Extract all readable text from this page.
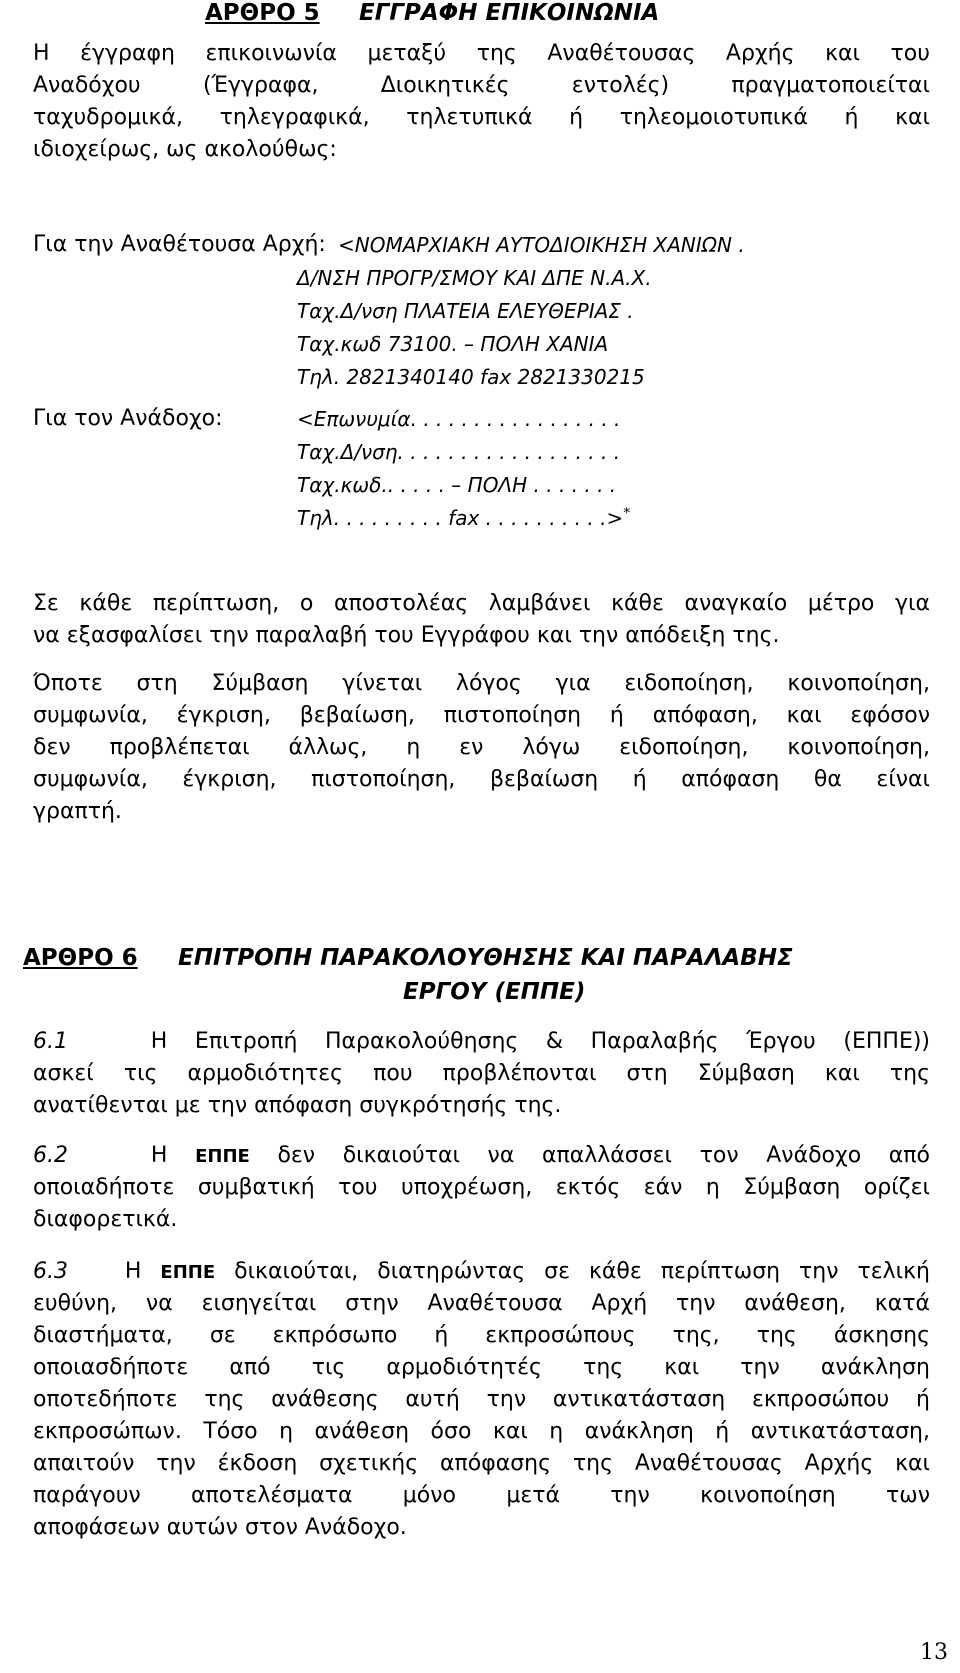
ΑΡΘΡΟ 5 ΕΓΓΡΑΦΗ ΕΠΙΚΟΙΝΩΝΙΑ
Η έγγραφη επικοινωνία μεταξύ της Αναθέτουσας Αρχής και του
Αναδόχου (Έγγραφα, Διοικητικές εντολές) πραγματοποιείται
ταχυδρομικά, τηλεγραφικά, τηλετυπικά ή τηλεομοιοτυπικά ή και
ιδιοχείρως, ως ακολούθως:
Για την Αναθέτουσα Αρχή: <ΝΟΜΑΡΧΙΑΚΗ ΑΥΤΟΔΙΟΙΚΗΣΗ ΧΑΝΙΩΝ .
Δ/ΝΣΗ ΠΡΟΓΡ/ΣΜΟΥ ΚΑΙ ΔΠΕ Ν.Α.Χ.
Ταχ.Δ/νση ΠΛΑΤΕΙΑ ΕΛΕΥΘΕΡΙΑΣ .
Ταχ.κωδ 73100. – ΠΟΛΗ ΧΑΝΙΑ
Τηλ. 2821340140 fax 2821330215
Για τον Ανάδοχο:	<Επωνυμία. . . . . . . . . . . . . . . . .
Ταχ.Δ/νση. . . . . . . . . . . . . . . . . .
Ταχ.κωδ.. . . . . – ΠΟΛΗ . . . . . . .
Τηλ. . . . . . . . . fax . . . . . . . . . .>*
Σε κάθε περίπτωση, ο αποστολέας λαμβάνει κάθε αναγκαίο μέτρο για
να εξασφαλίσει την παραλαβή του Εγγράφου και την απόδειξη της.
Όποτε στη Σύμβαση γίνεται λόγος για ειδοποίηση, κοινοποίηση,
συμφωνία, έγκριση, βεβαίωση, πιστοποίηση ή απόφαση, και εφόσον
δεν προβλέπεται άλλως, η εν λόγω ειδοποίηση, κοινοποίηση,
συμφωνία, έγκριση, πιστοποίηση, βεβαίωση ή απόφαση θα είναι
γραπτή.
ΑΡΘΡΟ 6 ΕΠΙΤΡΟΠΗ ΠΑΡΑΚΟΛΟΥΘΗΣΗΣ ΚΑΙ ΠΑΡΑΛΑΒΗΣ
ΕΡΓΟΥ (ΕΠΠΕ)
6.1	Η Επιτροπή Παρακολούθησης & Παραλαβής Έργου (ΕΠΠΕ))
ασκεί τις αρμοδιότητες που προβλέπονται στη Σύμβαση και της
ανατίθενται με την απόφαση συγκρότησής της.
6.2	Η ΕΠΠΕ δεν δικαιούται να απαλλάσσει τον Ανάδοχο από
οποιαδήποτε συμβατική του υποχρέωση, εκτός εάν η Σύμβαση ορίζει
διαφορετικά.
6.3	Η ΕΠΠΕ δικαιούται, διατηρώντας σε κάθε περίπτωση την τελική
ευθύνη, να εισηγείται στην Αναθέτουσα Αρχή την ανάθεση, κατά
διαστήματα, σε εκπρόσωπο ή εκπροσώπους της, της άσκησης
οποιασδήποτε από τις αρμοδιότητές της και την ανάκληση
οποτεδήποτε της ανάθεσης αυτή την αντικατάσταση εκπροσώπου ή
εκπροσώπων. Τόσο η ανάθεση όσο και η ανάκληση ή αντικατάσταση,
απαιτούν την έκδοση σχετικής απόφασης της Αναθέτουσας Αρχής και
παράγουν αποτελέσματα μόνο μετά την κοινοποίηση των
αποφάσεων αυτών στον Ανάδοχο.
13
